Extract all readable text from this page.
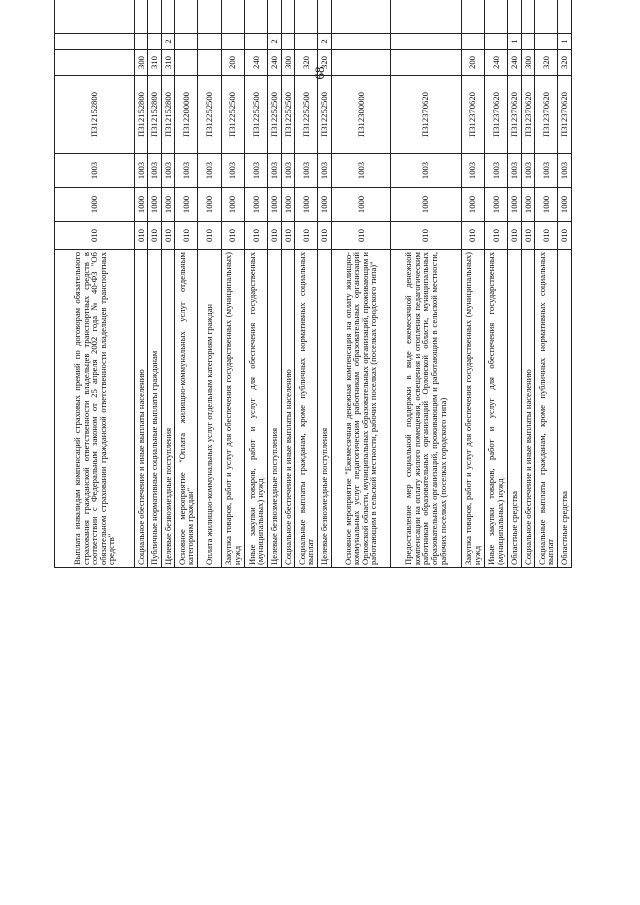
68
Выплата инвалидам компенсаций страховых премий по договорам обязательного страхования гражданской ответственности владельцев транспортных средств в соответствии с Федеральным законом от 25 апреля 2002 года № 40-ФЗ "Об обязательном страховании гражданской ответственности владельцев транспортных средств"	010	1000	1003	П312152800					
Социальное обеспечение и иные выплаты населению	010	1000	1003	П312152800	300				
Публичные нормативные социальные выплаты гражданам	010	1000	1003	П312152800	310				
Целевые безвозмездные поступления	010	1000	1003	П312152800	310	2			
Основное мероприятие "Оплата жилищно-коммунальных услуг отдельным категориям граждан"	010	1000	1003	П312200000					
Оплата жилищно-коммунальных услуг отдельным категориям граждан	010	1000	1003	П312252500					
Закупка товаров, работ и услуг для обеспечения государственных (муниципальных) нужд	010	1000	1003	П312252500	200				
Иные закупки товаров, работ и услуг для обеспечения государственных (муниципальных) нужд	010	1000	1003	П312252500	240				
Целевые безвозмездные поступления	010	1000	1003	П312252500	240	2			
Социальное обеспечение и иные выплаты населению	010	1000	1003	П312252500	300				
Социальные выплаты гражданам, кроме публичных нормативных социальных выплат	010	1000	1003	П312252500	320				
Целевые безвозмездные поступления	010	1000	1003	П312252500	320	2			
Основное мероприятие "Ежемесячная денежная компенсация на оплату жилищно-коммунальных услуг педагогическим работникам образовательных организаций Орловской области, муниципальных образовательных организаций, проживающим и работающим в сельской местности, рабочих поселках (поселках городского типа)"	010	1000	1003	П312300000					
Предоставление мер социальной поддержки в виде ежемесячной денежной компенсации на оплату жилого помещения, освещения и отопления педагогическим работникам образовательных организаций Орловской области, муниципальных образовательных организаций, проживающим и работающим в сельской местности, рабочих поселках (поселках городского типа)	010	1000	1003	П312370620					
Закупка товаров, работ и услуг для обеспечения государственных (муниципальных) нужд	010	1000	1003	П312370620	200				
Иные закупки товаров, работ и услуг для обеспечения государственных (муниципальных) нужд	010	1000	1003	П312370620	240				
Областные средства	010	1000	1003	П312370620	240	1			
Социальное обеспечение и иные выплаты населению	010	1000	1003	П312370620	300				
Социальные выплаты гражданам, кроме публичных нормативных социальных выплат	010	1000	1003	П312370620	320				
Областные средства	010	1000	1003	П312370620	320	1			
